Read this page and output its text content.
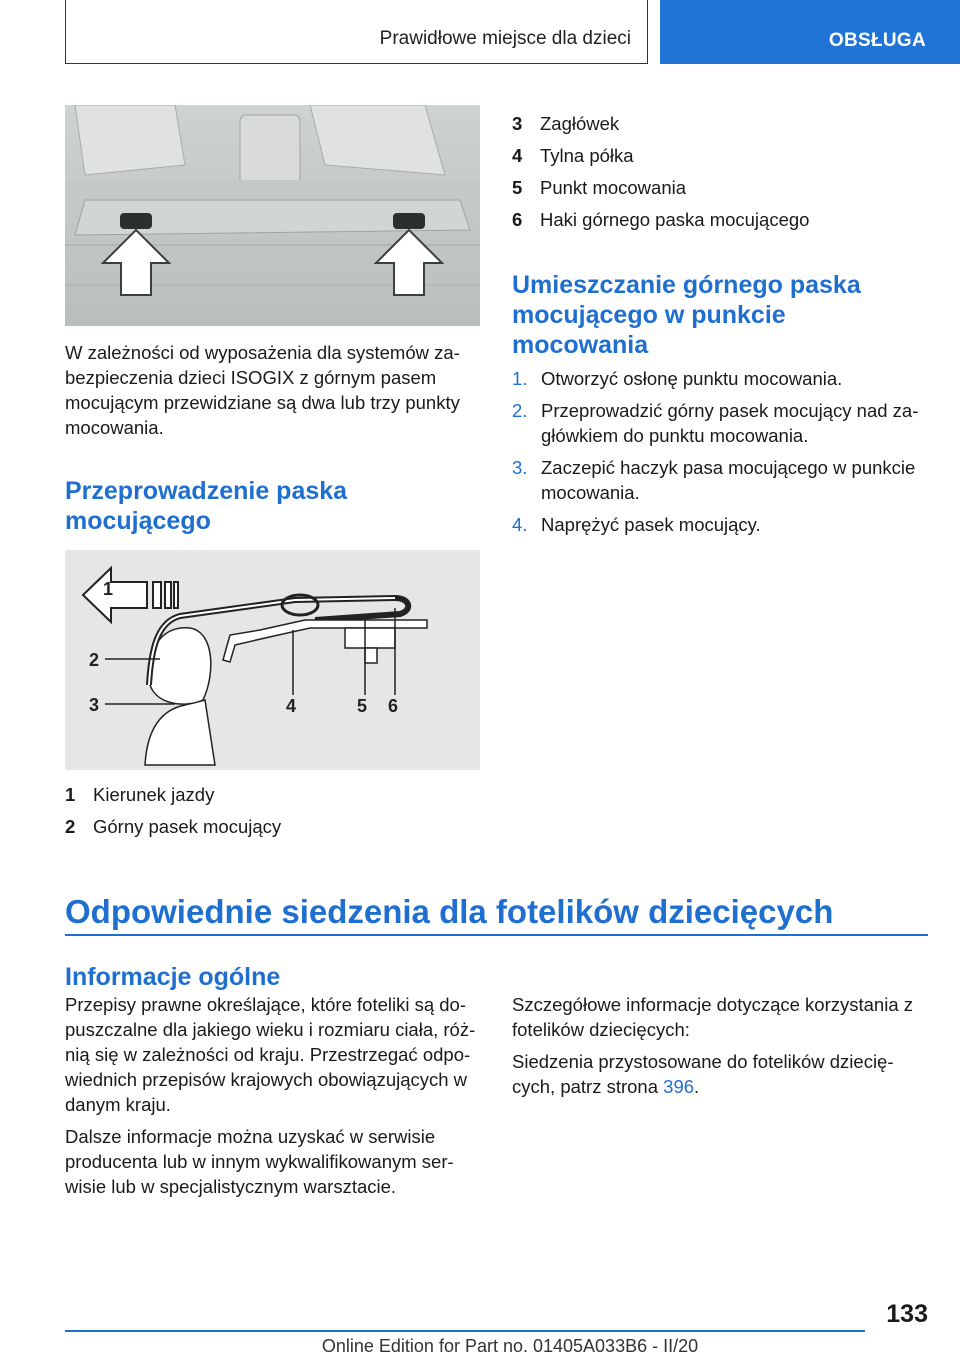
Prawidłowe miejsce dla dzieci	OBSŁUGA
W zależności od wyposażenia dla systemów zabezpieczenia dzieci ISOGIX z górnym pasem mocującym przewidziane są dwa lub trzy punkty mocowania.
Przeprowadzenie paska mocującego
1
2
3	4	5 6
1 Kierunek jazdy
2 Górny pasek mocujący
3 Zagłówek
4 Tylna półka
5 Punkt mocowania
6 Haki górnego paska mocującego
Umieszczanie górnego paska mocującego w punkcie mocowania
1. Otworzyć osłonę punktu mocowania.
2. Przeprowadzić górny pasek mocujący nad zagłówkiem do punktu mocowania.
3. Zaczepić haczyk pasa mocującego w punkcie mocowania.
4. Naprężyć pasek mocujący.
Odpowiednie siedzenia dla fotelików dziecięcych
Informacje ogólne
Przepisy prawne określające, które foteliki są dopuszczalne dla jakiego wieku i rozmiaru ciała, różnią się w zależności od kraju. Przestrzegać odpowiednich przepisów krajowych obowiązujących w danym kraju.
Dalsze informacje można uzyskać w serwisie producenta lub w innym wykwalifikowanym serwisie lub w specjalistycznym warsztacie.
Szczegółowe informacje dotyczące korzystania z fotelików dziecięcych:
Siedzenia przystosowane do fotelików dziecięcych, patrz strona 396.
133
Online Edition for Part no. 01405A033B6 - II/20
